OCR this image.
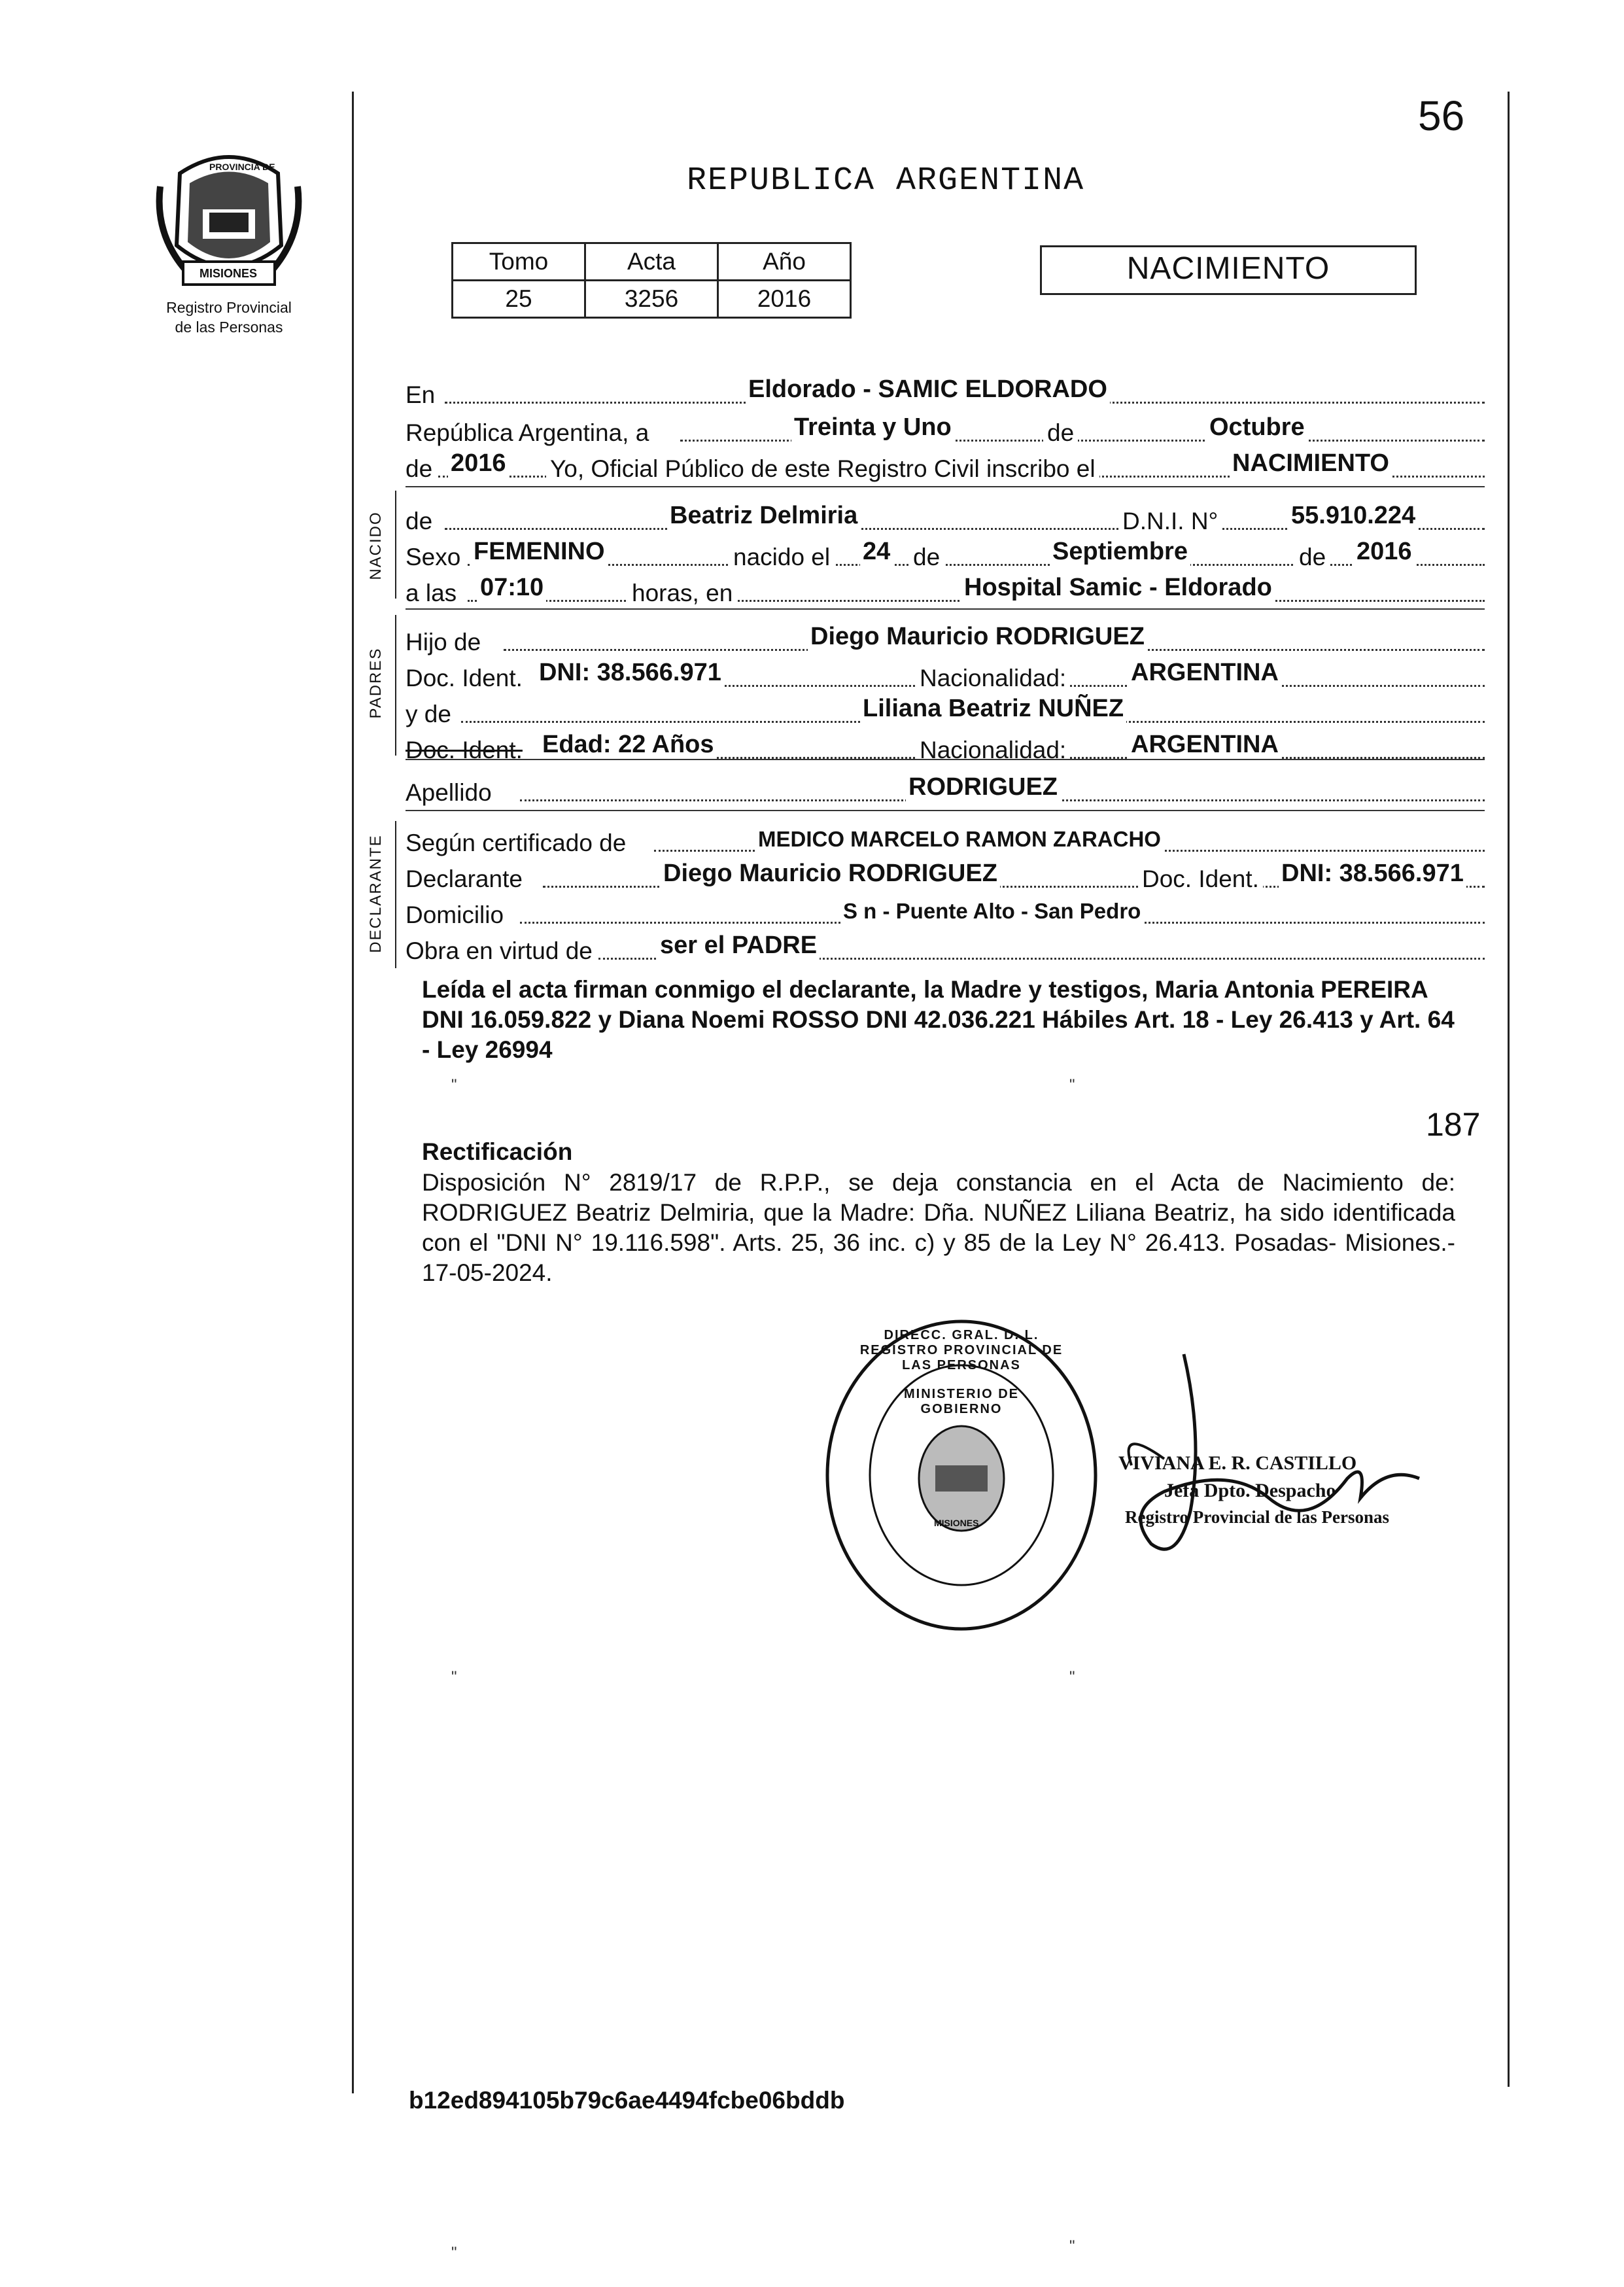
PROVINCIA DE
MISIONES
Registro Provincial
de las Personas
56
REPUBLICA ARGENTINA
Tomo	Acta	Año
25	3256	2016
NACIMIENTO
En	Eldorado - SAMIC ELDORADO
República Argentina, a	Treinta y Uno	de	Octubre
de 2016 Yo, Oficial Público de este Registro Civil inscribo el	NACIMIENTO
NACIDO de	Beatriz Delmiria	D.N.I. N°	55.910.224
Sexo FEMENINO	nacido el 24 de	Septiembre	de 2016
a las 07:10	horas, en	Hospital Samic - Eldorado
PADRES
Hijo de	Diego Mauricio RODRIGUEZ
Doc. Ident. DNI: 38.566.971	Nacionalidad:	ARGENTINA
y de	Liliana Beatriz NUÑEZ
Doc. Ident. Edad: 22 Años	Nacionalidad:	ARGENTINA
Apellido	RODRIGUEZ
DECLARANTE Según certificado de	MEDICO MARCELO RAMON ZARACHO
Declarante	Diego Mauricio RODRIGUEZ	Doc. Ident. DNI: 38.566.971
Domicilio	S n - Puente Alto - San Pedro
Obra en virtud de	ser el PADRE
Leída el acta firman conmigo el declarante, la Madre y testigos, Maria Antonia PEREIRA DNI 16.059.822 y Diana Noemi ROSSO DNI 42.036.221 Hábiles Art. 18 - Ley 26.413 y Art. 64 - Ley 26994
"	"
187
Rectificación
Disposición N° 2819/17 de R.P.P., se deja constancia en el Acta de Nacimiento de: RODRIGUEZ Beatriz Delmiria, que la Madre: Dña. NUÑEZ Liliana Beatriz, ha sido identificada con el "DNI N° 19.116.598". Arts. 25, 36 inc. c) y 85 de la Ley N° 26.413. Posadas- Misiones.- 17-05-2024.
MISIONES
MINISTERIO DE GOBIERNO
DIRECC. GRAL. D. L. REGISTRO PROVINCIAL DE LAS PERSONAS
VIVIANA E. R. CASTILLO
Jefa Dpto. Despacho
Registro Provincial de las Personas
"	"
b12ed894105b79c6ae4494fcbe06bddb
"	"
